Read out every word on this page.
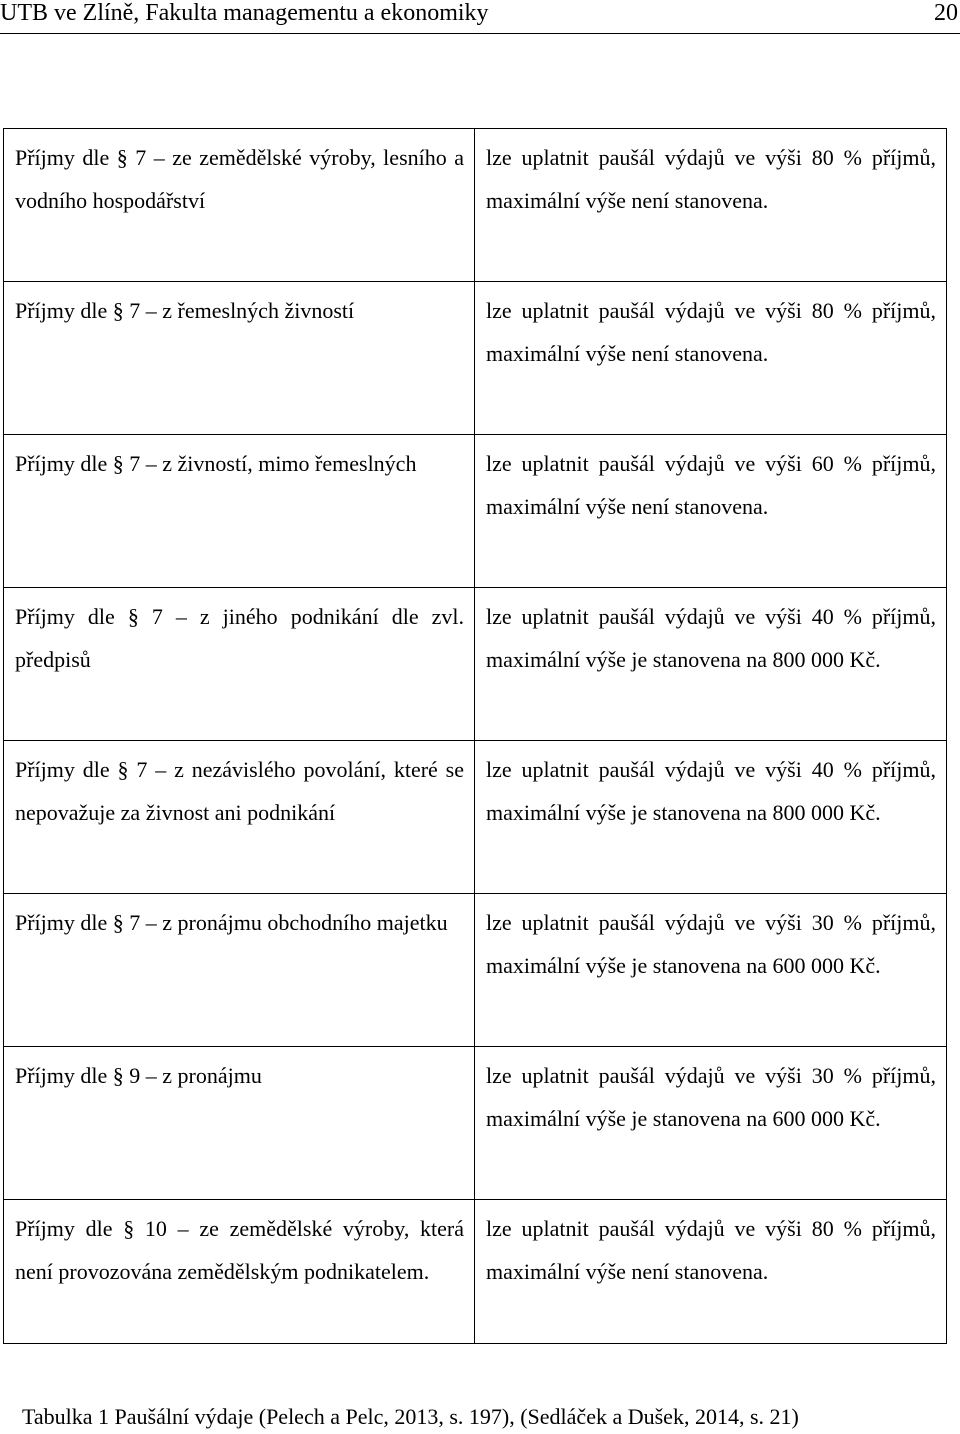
UTB ve Zlíně, Fakulta managementu a ekonomiky	20
Příjmy dle § 7 – ze zemědělské výroby, lesního a vodního hospodářství	lze uplatnit paušál výdajů ve výši 80 % příjmů, maximální výše není stanovena.
Příjmy dle § 7 – z řemeslných živností	lze uplatnit paušál výdajů ve výši 80 % příjmů, maximální výše není stanovena.
Příjmy dle § 7 – z živností, mimo řemeslných	lze uplatnit paušál výdajů ve výši 60 % příjmů, maximální výše není stanovena.
Příjmy dle § 7 – z jiného podnikání dle zvl. předpisů	lze uplatnit paušál výdajů ve výši 40 % příjmů, maximální výše je stanovena na 800 000 Kč.
Příjmy dle § 7 – z nezávislého povolání, které se nepovažuje za živnost ani podnikání	lze uplatnit paušál výdajů ve výši 40 % příjmů, maximální výše je stanovena na 800 000 Kč.
Příjmy dle § 7 – z pronájmu obchodního majetku	lze uplatnit paušál výdajů ve výši 30 % příjmů, maximální výše je stanovena na 600 000 Kč.
Příjmy dle § 9 – z pronájmu	lze uplatnit paušál výdajů ve výši 30 % příjmů, maximální výše je stanovena na 600 000 Kč.
Příjmy dle § 10 – ze zemědělské výroby, která není provozována zemědělským podnikatelem.	lze uplatnit paušál výdajů ve výši 80 % příjmů, maximální výše není stanovena.
Tabulka 1 Paušální výdaje (Pelech a Pelc, 2013, s. 197), (Sedláček a Dušek, 2014, s. 21)
